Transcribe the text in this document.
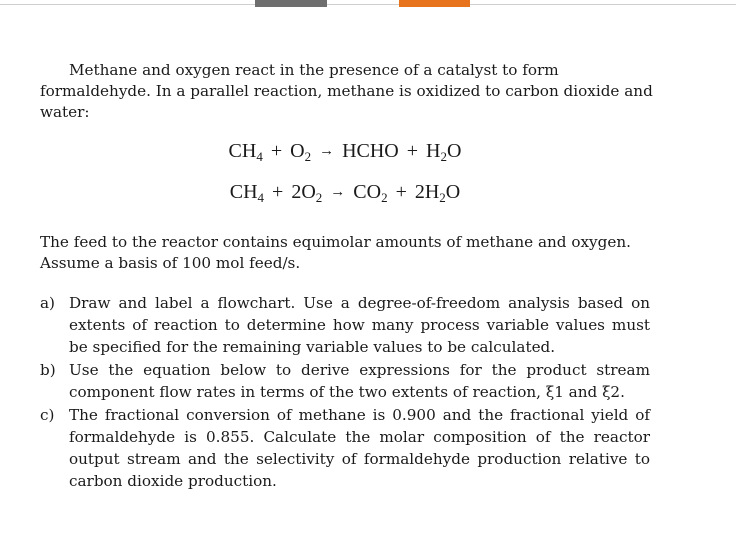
Methane and oxygen react in the presence of a catalyst to form formaldehyde. In a parallel reaction, methane is oxidized to carbon dioxide and water:

$CH_4 + O_2$ → HCHO + $H_2O$
$CH_4 + 2O_2 \to CO_2 + 2H_2O$

The feed to the reactor contains equimolar amounts of methane and oxygen. Assume a basis of 100 mol feed/s.

a) Draw and label a flowchart. Use a degree-of-freedom analysis based on extents of reaction to determine how many process variable values must be specified for the remaining variable values to be calculated.
b) Use the equation below to derive expressions for the product stream component flow rates in terms of the two extents of reaction, ξ1 and ξ2.
c) The fractional conversion of methane is 0.900 and the fractional yield of formaldehyde is 0.855. Calculate the molar composition of the reactor output stream and the selectivity of formaldehyde production relative to carbon dioxide production.
